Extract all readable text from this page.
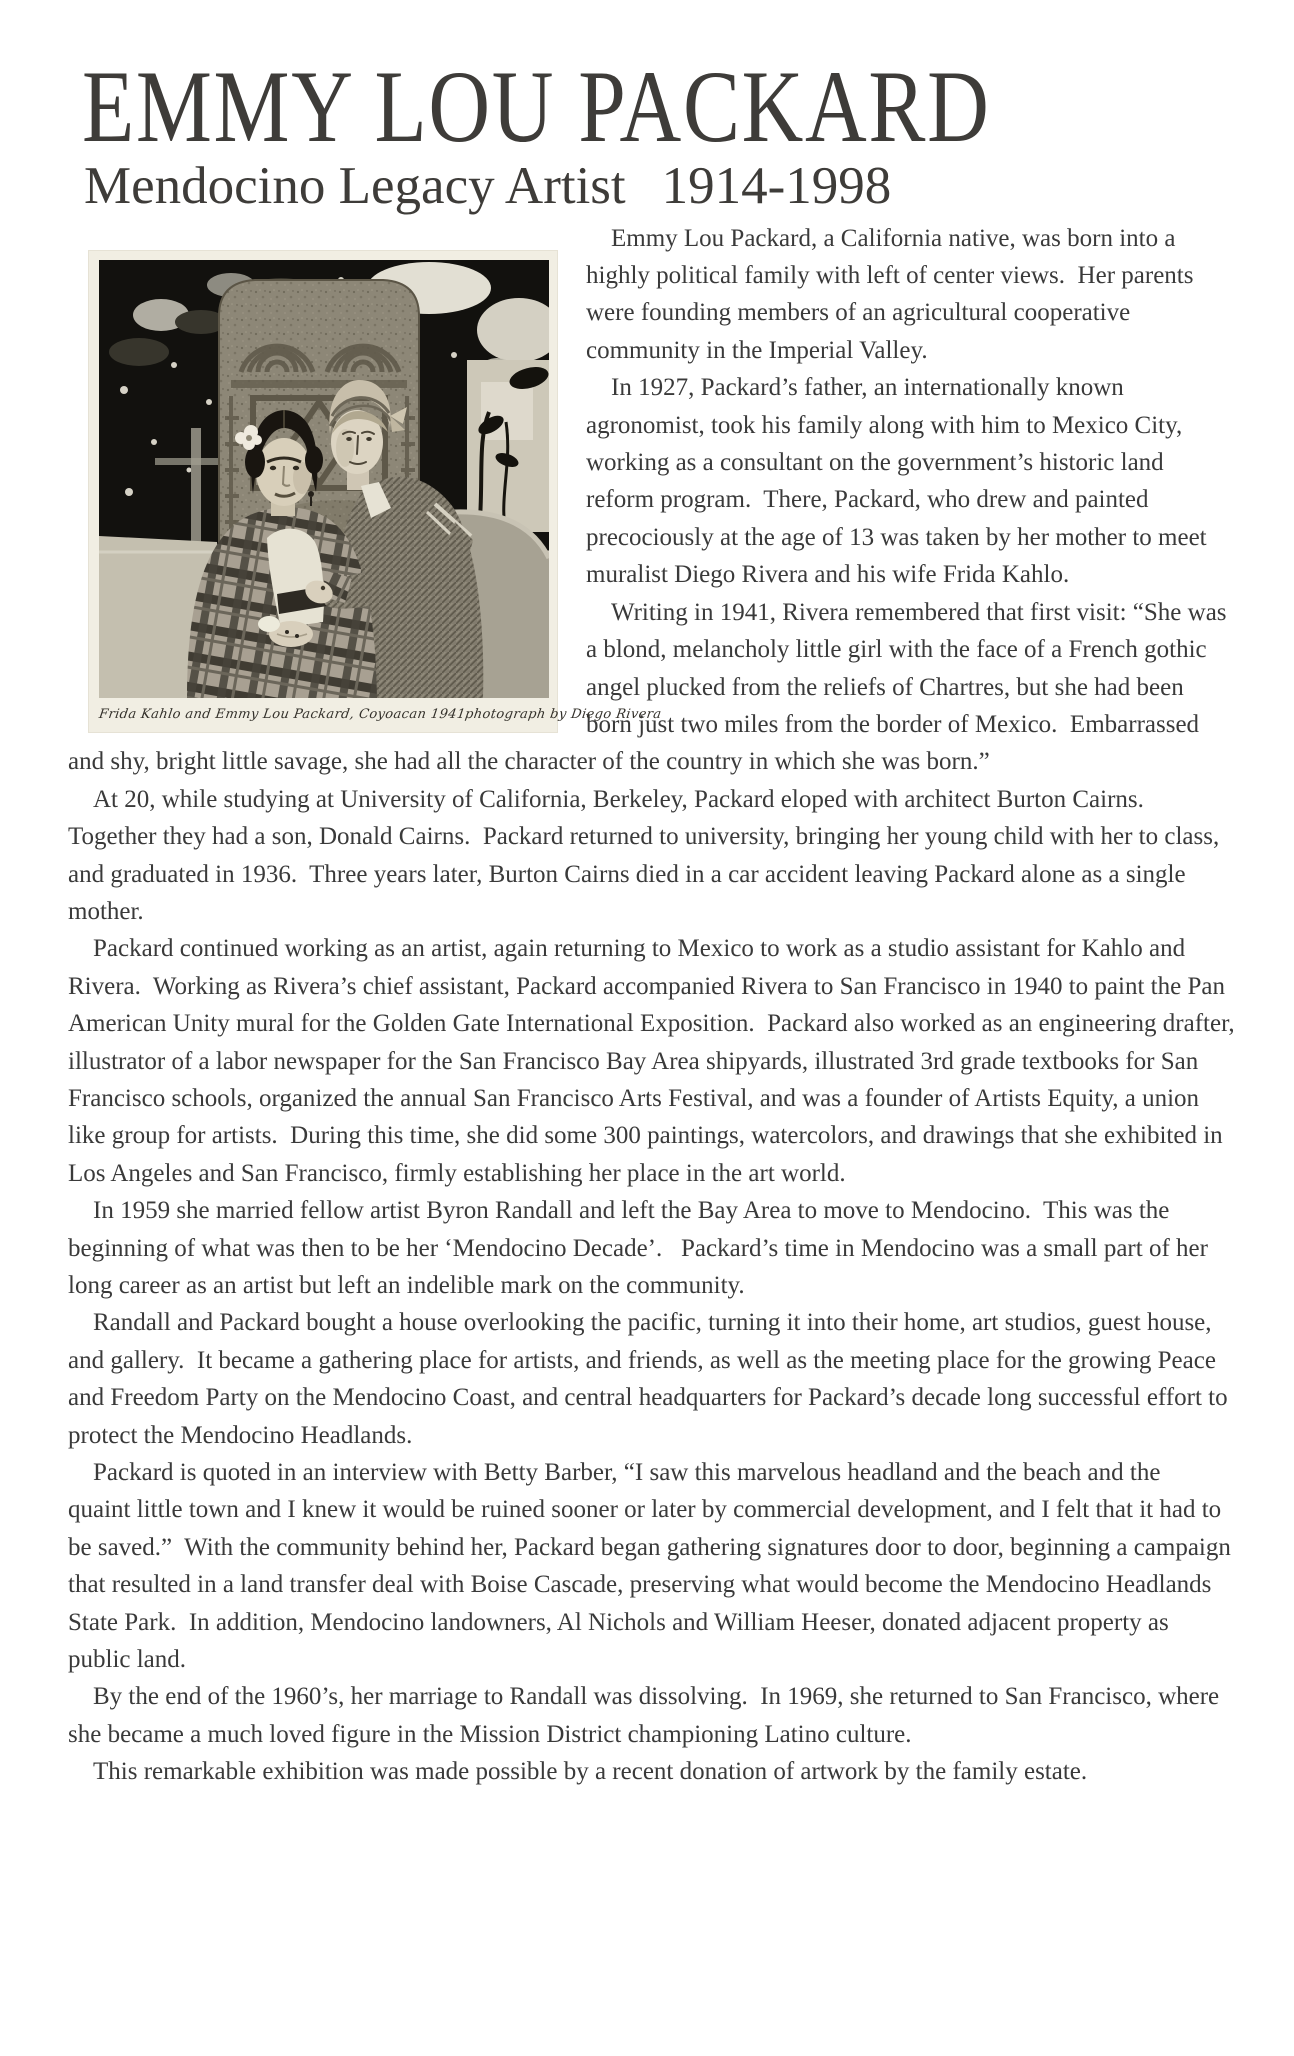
EMMY LOU PACKARD
Mendocino Legacy Artist 1914-1998
Frida Kahlo and Emmy Lou Packard, Coyoacan 1941
photograph by Diego Rivera

Emmy Lou Packard, a California native, was born into a highly political family with left of center views.  Her parents were founding members of an agricultural cooperative community in the Imperial Valley.

In 1927, Packard’s father, an internationally known agronomist, took his family along with him to Mexico City, working as a consultant on the government’s historic land reform program.  There, Packard, who drew and painted precociously at the age of 13 was taken by her mother to meet muralist Diego Rivera and his wife Frida Kahlo.

Writing in 1941, Rivera remembered that first visit: “She was a blond, melancholy little girl with the face of a French gothic angel plucked from the reliefs of Chartres, but she had been born just two miles from the border of Mexico.  Embarrassed and shy, bright little savage, she had all the character of the country in which she was born.”

At 20, while studying at University of California, Berkeley, Packard eloped with architect Burton Cairns.  Together they had a son, Donald Cairns.  Packard returned to university, bringing her young child with her to class, and graduated in 1936.  Three years later, Burton Cairns died in a car accident leaving Packard alone as a single mother.

Packard continued working as an artist, again returning to Mexico to work as a studio assistant for Kahlo and Rivera.  Working as Rivera’s chief assistant, Packard accompanied Rivera to San Francisco in 1940 to paint the Pan American Unity mural for the Golden Gate International Exposition.  Packard also worked as an engineering drafter, illustrator of a labor newspaper for the San Francisco Bay Area shipyards, illustrated 3rd grade textbooks for San Francisco schools, organized the annual San Francisco Arts Festival, and was a founder of Artists Equity, a union like group for artists.  During this time, she did some 300 paintings, watercolors, and drawings that she exhibited in Los Angeles and San Francisco, firmly establishing her place in the art world.

In 1959 she married fellow artist Byron Randall and left the Bay Area to move to Mendocino.  This was the beginning of what was then to be her ‘Mendocino Decade’.   Packard’s time in Mendocino was a small part of her long career as an artist but left an indelible mark on the community.

Randall and Packard bought a house overlooking the pacific, turning it into their home, art studios, guest house, and gallery.  It became a gathering place for artists, and friends, as well as the meeting place for the growing Peace and Freedom Party on the Mendocino Coast, and central headquarters for Packard’s decade long successful effort to protect the Mendocino Headlands.

Packard is quoted in an interview with Betty Barber, “I saw this marvelous headland and the beach and the  quaint little town and I knew it would be ruined sooner or later by commercial development, and I felt that it had to be saved.”  With the community behind her, Packard began gathering signatures door to door, beginning a campaign that resulted in a land transfer deal with Boise Cascade, preserving what would become the Mendocino Headlands State Park.  In addition, Mendocino landowners, Al Nichols and William Heeser, donated adjacent property as public land.

By the end of the 1960’s, her marriage to Randall was dissolving.  In 1969, she returned to San Francisco, where she became a much loved figure in the Mission District championing Latino culture.

This remarkable exhibition was made possible by a recent donation of artwork by the family estate.
